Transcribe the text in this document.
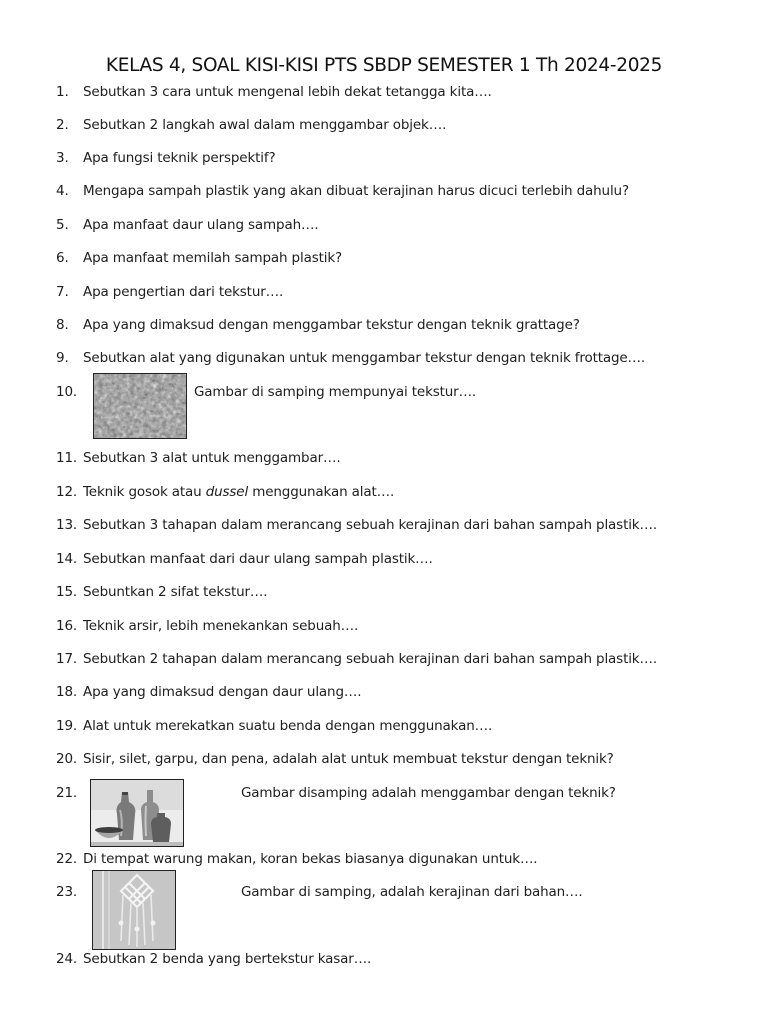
KELAS 4, SOAL KISI-KISI PTS SBDP SEMESTER 1 Th 2024-2025
1. Sebutkan 3 cara untuk mengenal lebih dekat tetangga kita….
2. Sebutkan 2 langkah awal dalam menggambar objek….
3. Apa fungsi teknik perspektif?
4. Mengapa sampah plastik yang akan dibuat kerajinan harus dicuci terlebih dahulu?
5. Apa manfaat daur ulang sampah….
6. Apa manfaat memilah sampah plastik?
7. Apa pengertian dari tekstur….
8. Apa yang dimaksud dengan menggambar tekstur dengan teknik grattage?
9. Sebutkan alat yang digunakan untuk menggambar tekstur dengan teknik frottage….
10.	Gambar di samping mempunyai tekstur….
11. Sebutkan 3 alat untuk menggambar….
12. Teknik gosok atau dussel menggunakan alat….
13. Sebutkan 3 tahapan dalam merancang sebuah kerajinan dari bahan sampah plastik….
14. Sebutkan manfaat dari daur ulang sampah plastik….
15. Sebuntkan 2 sifat tekstur….
16. Teknik arsir, lebih menekankan sebuah….
17. Sebutkan 2 tahapan dalam merancang sebuah kerajinan dari bahan sampah plastik….
18. Apa yang dimaksud dengan daur ulang….
19. Alat untuk merekatkan suatu benda dengan menggunakan….
20. Sisir, silet, garpu, dan pena, adalah alat untuk membuat tekstur dengan teknik?
21.	Gambar disamping adalah menggambar dengan teknik?
22. Di tempat warung makan, koran bekas biasanya digunakan untuk….
23.	Gambar di samping, adalah kerajinan dari bahan….
24. Sebutkan 2 benda yang bertekstur kasar….
